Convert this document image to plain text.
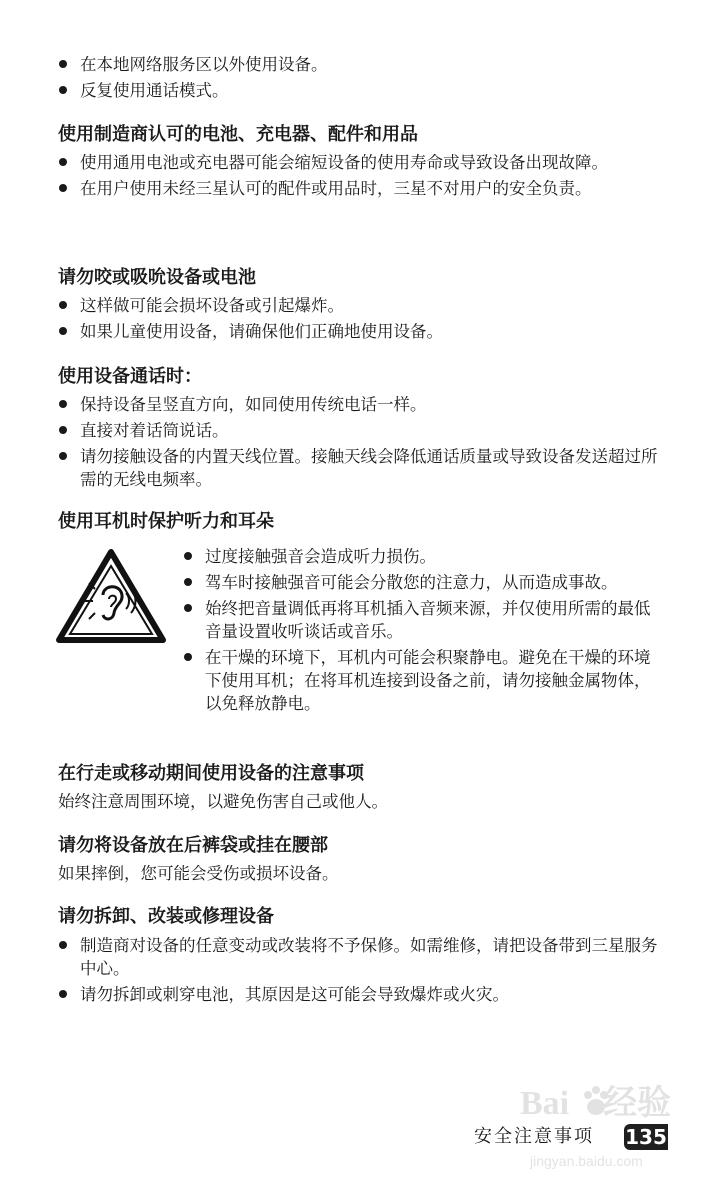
在本地网络服务区以外使用设备。
反复使用通话模式。
使用制造商认可的电池、充电器、配件和用品
使用通用电池或充电器可能会缩短设备的使用寿命或导致设备出现故障。
在用户使用未经三星认可的配件或用品时，三星不对用户的安全负责。
请勿咬或吸吮设备或电池
这样做可能会损坏设备或引起爆炸。
如果儿童使用设备，请确保他们正确地使用设备。
使用设备通话时：
保持设备呈竖直方向，如同使用传统电话一样。
直接对着话筒说话。
请勿接触设备的内置天线位置。接触天线会降低通话质量或导致设备发送超过所需的无线电频率。
使用耳机时保护听力和耳朵
过度接触强音会造成听力损伤。
驾车时接触强音可能会分散您的注意力，从而造成事故。
始终把音量调低再将耳机插入音频来源，并仅使用所需的最低音量设置收听谈话或音乐。
在干燥的环境下，耳机内可能会积聚静电。避免在干燥的环境下使用耳机；在将耳机连接到设备之前，请勿接触金属物体，以免释放静电。
在行走或移动期间使用设备的注意事项

始终注意周围环境，以避免伤害自己或他人。

请勿将设备放在后裤袋或挂在腰部

如果摔倒，您可能会受伤或损坏设备。

请勿拆卸、改装或修理设备
制造商对设备的任意变动或改装将不予保修。如需维修，请把设备带到三星服务中心。
请勿拆卸或刺穿电池，其原因是这可能会导致爆炸或火灾。
Bai 经验
jingyan.baidu.com
安全注意事项 135
